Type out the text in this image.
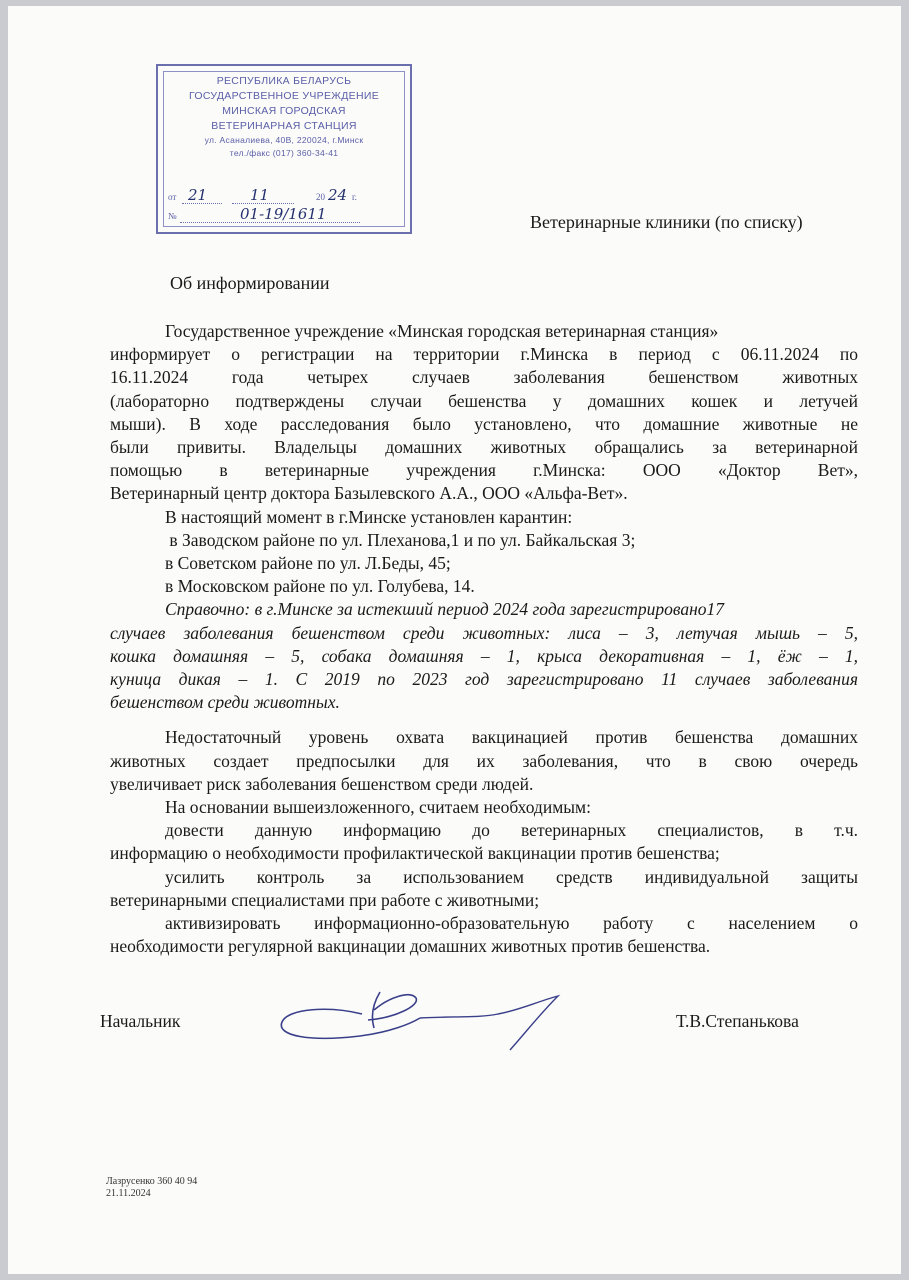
РЕСПУБЛИКА БЕЛАРУСЬ
ГОСУДАРСТВЕННОЕ УЧРЕЖДЕНИЕ
МИНСКАЯ ГОРОДСКАЯ
ВЕТЕРИНАРНАЯ СТАНЦИЯ
ул. Асаналиева, 40В, 220024, г.Минск
тел./факс (017) 360-34-41
от 21	11	20 24 г.
№	01-19/1611	Ветеринарные клиники (по списку)
Об информировании

Государственное учреждение «Минская городская ветеринарная станция»

информирует о регистрации на территории г.Минска в период с 06.11.2024 по

16.11.2024 года четырех случаев заболевания бешенством животных

(лабораторно подтверждены случаи бешенства у домашних кошек и летучей

мыши). В ходе расследования было установлено, что домашние животные не

были привиты. Владельцы домашних животных обращались за ветеринарной

помощью в ветеринарные учреждения г.Минска: ООО «Доктор Вет»,

Ветеринарный центр доктора Базылевского А.А., ООО «Альфа-Вет».

В настоящий момент в г.Минске установлен карантин:

в Заводском районе по ул. Плеханова,1 и по ул. Байкальская 3;

в Советском районе по ул. Л.Беды, 45;

в Московском районе по ул. Голубева, 14.

Справочно: в г.Минске за истекший период 2024 года зарегистрировано17

случаев заболевания бешенством среди животных: лиса – 3, летучая мышь – 5,

кошка домашняя – 5, собака домашняя – 1, крыса декоративная – 1, ёж – 1,

куница дикая – 1. С 2019 по 2023 год зарегистрировано 11 случаев заболевания

бешенством среди животных.

Недостаточный уровень охвата вакцинацией против бешенства домашних

животных создает предпосылки для их заболевания, что в свою очередь

увеличивает риск заболевания бешенством среди людей.

На основании вышеизложенного, считаем необходимым:

довести данную информацию до ветеринарных специалистов, в т.ч.

информацию о необходимости профилактической вакцинации против бешенства;

усилить контроль за использованием средств индивидуальной защиты

ветеринарными специалистами при работе с животными;

активизировать информационно-образовательную работу с населением о

необходимости регулярной вакцинации домашних животных против бешенства.

Начальник	Т.В.Степанькова
Лазрусенко 360 40 94
21.11.2024
